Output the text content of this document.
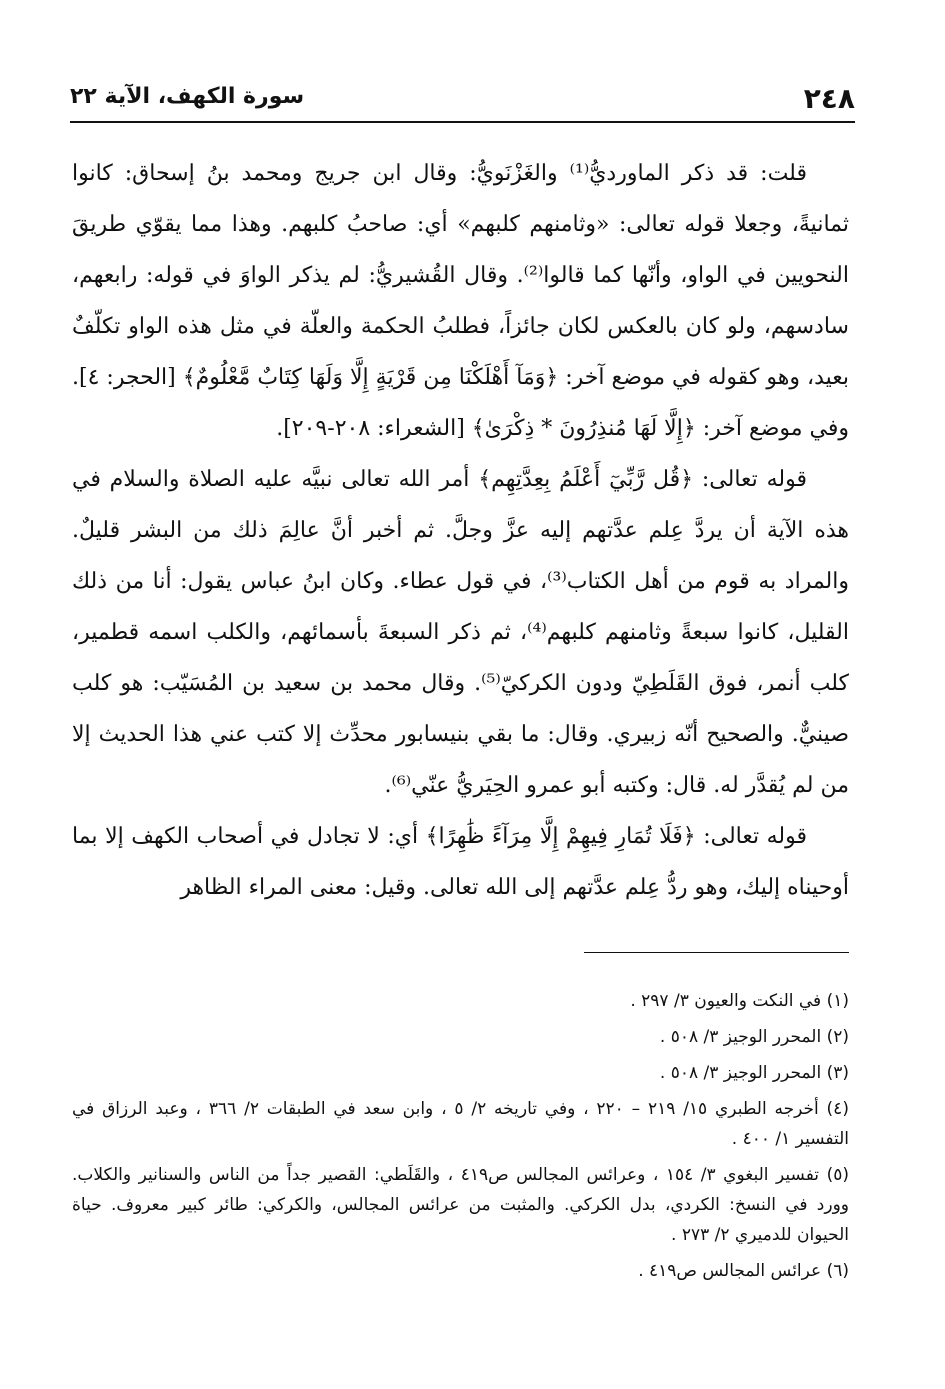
٢٤٨
سورة الكهف، الآية ٢٢

قلت: قد ذكر الماورديُّ⁽¹⁾ والغَزْنَويُّ: وقال ابن جريج ومحمد بنُ إسحاق: كانوا ثمانيةً، وجعلا قوله تعالى: «وثامنهم كلبهم» أي: صاحبُ كلبهم. وهذا مما يقوّي طريقَ النحويين في الواو، وأنّها كما قالوا⁽²⁾. وقال القُشيريُّ: لم يذكر الواوَ في قوله: رابعهم، سادسهم، ولو كان بالعكس لكان جائزاً، فطلبُ الحكمة والعلّة في مثل هذه الواو تكلّفٌ بعيد، وهو كقوله في موضع آخر: ﴿وَمَآ أَهْلَكْنَا مِن قَرْيَةٍ إِلَّا وَلَهَا كِتَابٌ مَّعْلُومٌ﴾ [الحجر: ٤]. وفي موضع آخر: ﴿إِلَّا لَهَا مُنذِرُونَ * ذِكْرَىٰ﴾ [الشعراء: ٢٠٨-٢٠٩].

قوله تعالى: ﴿قُل رَّبِّيٓ أَعْلَمُ بِعِدَّتِهِم﴾ أمر الله تعالى نبيَّه عليه الصلاة والسلام في هذه الآية أن يردَّ عِلم عدَّتهم إليه عزَّ وجلَّ. ثم أخبر أنَّ عالِمَ ذلك من البشر قليلٌ. والمراد به قوم من أهل الكتاب⁽³⁾، في قول عطاء. وكان ابنُ عباس يقول: أنا من ذلك القليل، كانوا سبعةً وثامنهم كلبهم⁽⁴⁾، ثم ذكر السبعةَ بأسمائهم، والكلب اسمه قطمير، كلب أنمر، فوق القَلَطِيّ ودون الكركيّ⁽⁵⁾. وقال محمد بن سعيد بن المُسَيّب: هو كلب صينيٌّ. والصحيح أنّه زبيري. وقال: ما بقي بنيسابور محدِّث إلا كتب عني هذا الحديث إلا من لم يُقدَّر له. قال: وكتبه أبو عمرو الحِيَريُّ عنّي⁽⁶⁾.

قوله تعالى: ﴿فَلَا تُمَارِ فِيهِمْ إِلَّا مِرَآءً ظَٰهِرًا﴾ أي: لا تجادل في أصحاب الكهف إلا بما أوحيناه إليك، وهو ردُّ عِلم عدَّتهم إلى الله تعالى. وقيل: معنى المراء الظاهر

(١) في النكت والعيون ٣/ ٢٩٧ .

(٢) المحرر الوجيز ٣/ ٥٠٨ .

(٣) المحرر الوجيز ٣/ ٥٠٨ .

(٤) أخرجه الطبري ١٥/ ٢١٩ – ٢٢٠ ، وفي تاريخه ٢/ ٥ ، وابن سعد في الطبقات ٢/ ٣٦٦ ، وعبد الرزاق في التفسير ١/ ٤٠٠ .

(٥) تفسير البغوي ٣/ ١٥٤ ، وعرائس المجالس ص٤١٩ ، والقَلَطي: القصير جداً من الناس والسنانير والكلاب. وورد في النسخ: الكردي، بدل الكركي. والمثبت من عرائس المجالس، والكركي: طائر كبير معروف. حياة الحيوان للدميري ٢/ ٢٧٣ .

(٦) عرائس المجالس ص٤١٩ .
